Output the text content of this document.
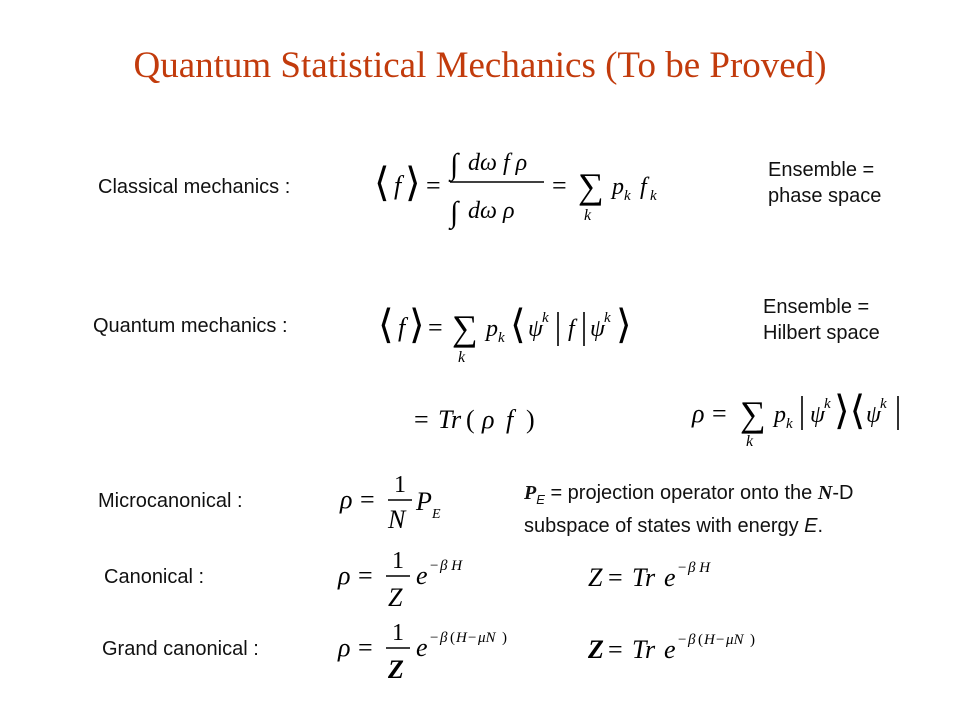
Quantum Statistical Mechanics (To be Proved)
Classical mechanics : ⟨ f ⟩ =
∫ dω f ρ
∫ dω ρ
= ∑
k
p k f k
Ensemble =
phase space
Quantum mechanics : ⟨ f ⟩ = ∑
k
p k ⟨ ψ k f ψ k ⟩	Ensemble =
Hilbert space
= Tr ( ρ f )	ρ = ∑
k
p k ψ k ⟩⟨ ψ k
Microcanonical :	ρ = 1
N
P E
$P_E$ = projection operator onto the N-D
subspace of states with energy E.
Canonical :	ρ = 1
Z
e − β H	Z = Tr e − β H
Grand canonical :	ρ = 1
Z
e − β ( H − μN )	Z = Tr e − β ( H − μN )
